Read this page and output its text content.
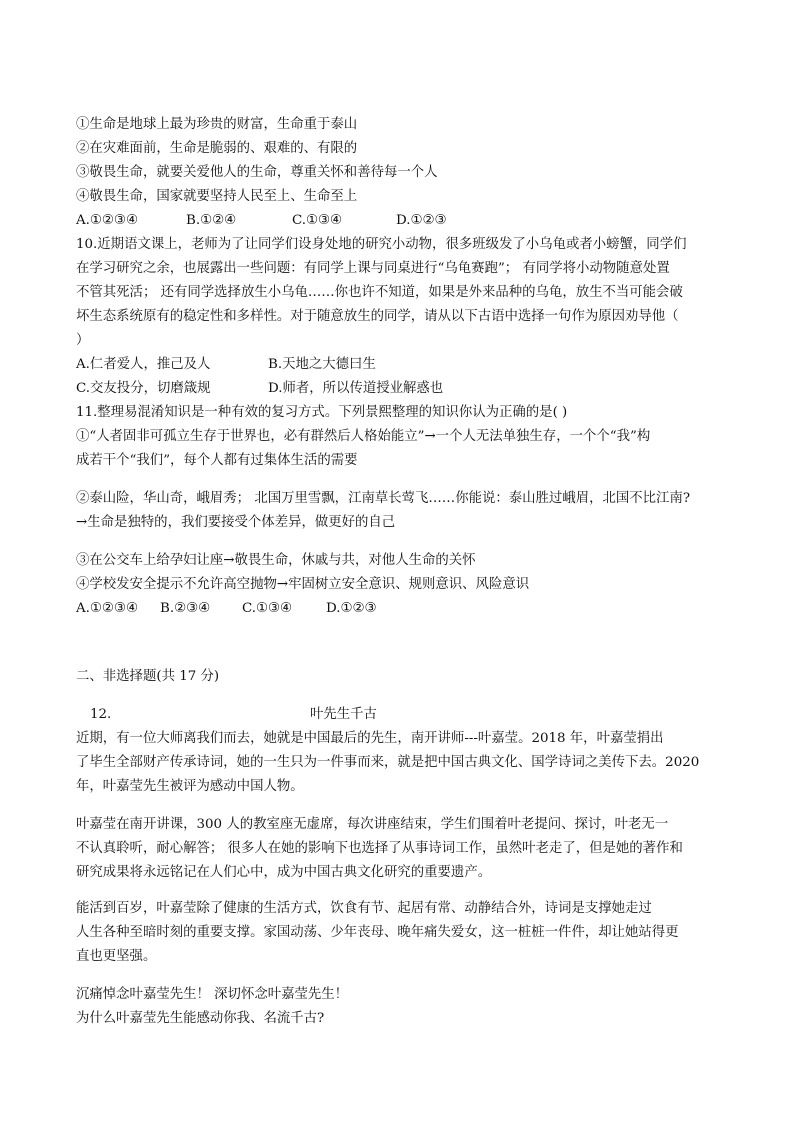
①生命是地球上最为珍贵的财富，生命重于泰山
②在灾难面前，生命是脆弱的、艰难的、有限的
③敬畏生命，就要关爱他人的生命，尊重关怀和善待每一个人
④敬畏生命，国家就要坚持人民至上、生命至上
A.①②③④	B.①②④	C.①③④	D.①②③
10.近期语文课上，老师为了让同学们设身处地的研究小动物，很多班级发了小乌龟或者小螃蟹，同学们
在学习研究之余，也展露出一些问题：有同学上课与同桌进行“乌龟赛跑”； 有同学将小动物随意处置
不管其死活； 还有同学选择放生小乌龟……你也许不知道，如果是外来品种的乌龟，放生不当可能会破
坏生态系统原有的稳定性和多样性。对于随意放生的同学，请从以下古语中选择一句作为原因劝导他（
）
A.仁者爱人，推己及人	B.天地之大德曰生
C.交友投分，切磨箴规	D.师者，所以传道授业解惑也
11.整理易混淆知识是一种有效的复习方式。下列景熙整理的知识你认为正确的是( )
①“人者固非可孤立生存于世界也，必有群然后人格始能立”→一个人无法单独生存，一个个“我”构
成若干个“我们”，每个人都有过集体生活的需要
②泰山险，华山奇，峨眉秀； 北国万里雪飘，江南草长莺飞……你能说：泰山胜过峨眉，北国不比江南?
→生命是独特的，我们要接受个体差异，做更好的自己
③在公交车上给孕妇让座→敬畏生命，休戚与共，对他人生命的关怀
④学校发安全提示不允许高空抛物→牢固树立安全意识、规则意识、风险意识
A.①②③④ B.②③④ C.①③④	D.①②③
二、非选择题(共 17 分)
12.	叶先生千古
近期，有一位大师离我们而去，她就是中国最后的先生，南开讲师---叶嘉莹。2018 年，叶嘉莹捐出
了毕生全部财产传承诗词，她的一生只为一件事而来，就是把中国古典文化、国学诗词之美传下去。2020
年，叶嘉莹先生被评为感动中国人物。
叶嘉莹在南开讲课，300 人的教室座无虚席，每次讲座结束，学生们围着叶老提问、探讨，叶老无一
不认真聆听，耐心解答； 很多人在她的影响下也选择了从事诗词工作，虽然叶老走了，但是她的著作和
研究成果将永远铭记在人们心中，成为中国古典文化研究的重要遗产。
能活到百岁，叶嘉莹除了健康的生活方式，饮食有节、起居有常、动静结合外，诗词是支撑她走过
人生各种至暗时刻的重要支撑。家国动荡、少年丧母、晚年痛失爱女，这一桩桩一件件，却让她站得更
直也更坚强。
沉痛悼念叶嘉莹先生！ 深切怀念叶嘉莹先生！
为什么叶嘉莹先生能感动你我、名流千古?
